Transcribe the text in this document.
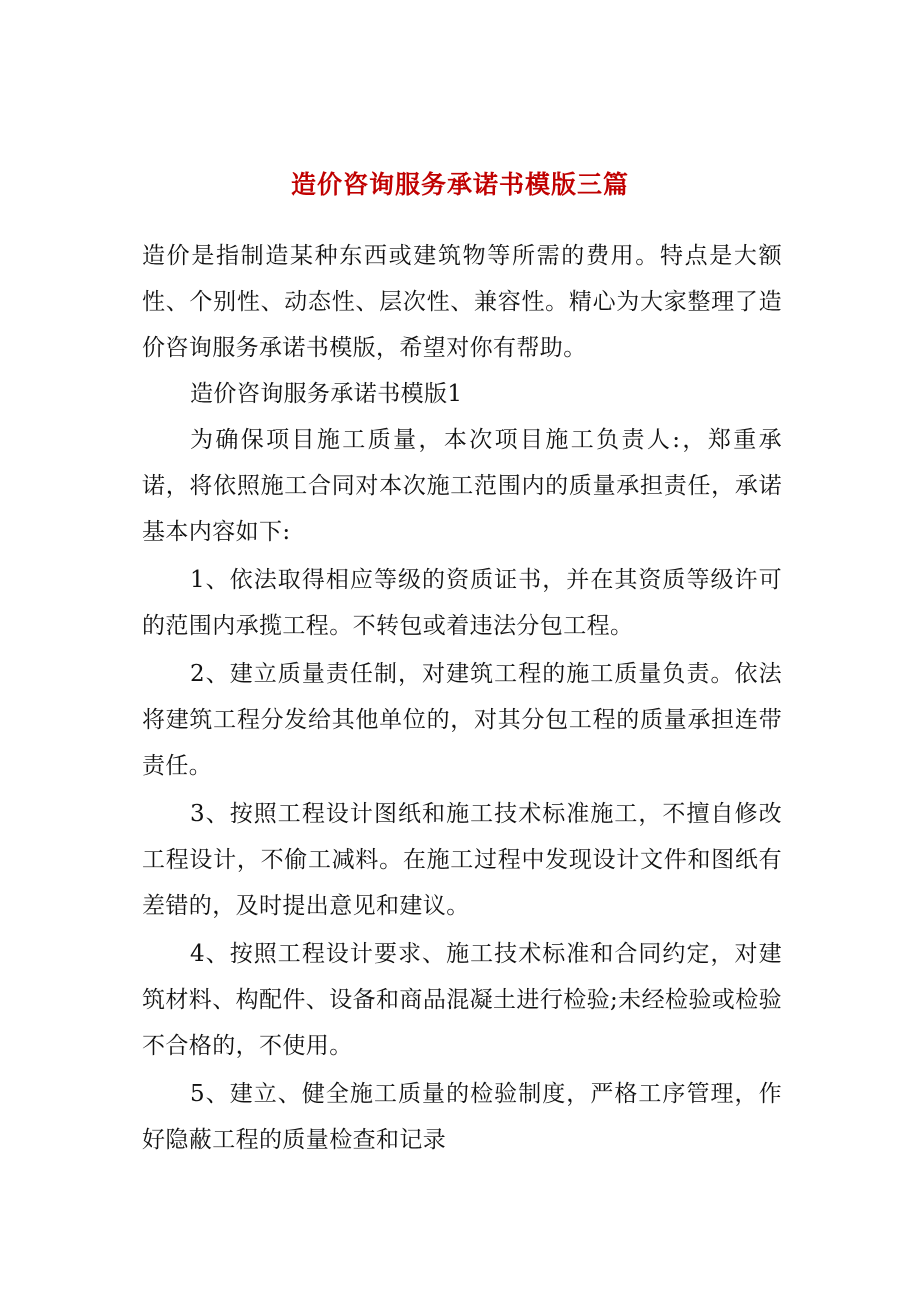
造价咨询服务承诺书模版三篇

造价是指制造某种东西或建筑物等所需的费用。特点是大额性、个别性、动态性、层次性、兼容性。精心为大家整理了造价咨询服务承诺书模版，希望对你有帮助。

造价咨询服务承诺书模版1

为确保项目施工质量，本次项目施工负责人:，郑重承诺，将依照施工合同对本次施工范围内的质量承担责任，承诺基本内容如下:

1、依法取得相应等级的资质证书，并在其资质等级许可的范围内承揽工程。不转包或着违法分包工程。

2、建立质量责任制，对建筑工程的施工质量负责。依法将建筑工程分发给其他单位的，对其分包工程的质量承担连带责任。

3、按照工程设计图纸和施工技术标准施工，不擅自修改工程设计，不偷工减料。在施工过程中发现设计文件和图纸有差错的，及时提出意见和建议。

4、按照工程设计要求、施工技术标准和合同约定，对建筑材料、构配件、设备和商品混凝土进行检验;未经检验或检验不合格的，不使用。

5、建立、健全施工质量的检验制度，严格工序管理，作好隐蔽工程的质量检查和记录
